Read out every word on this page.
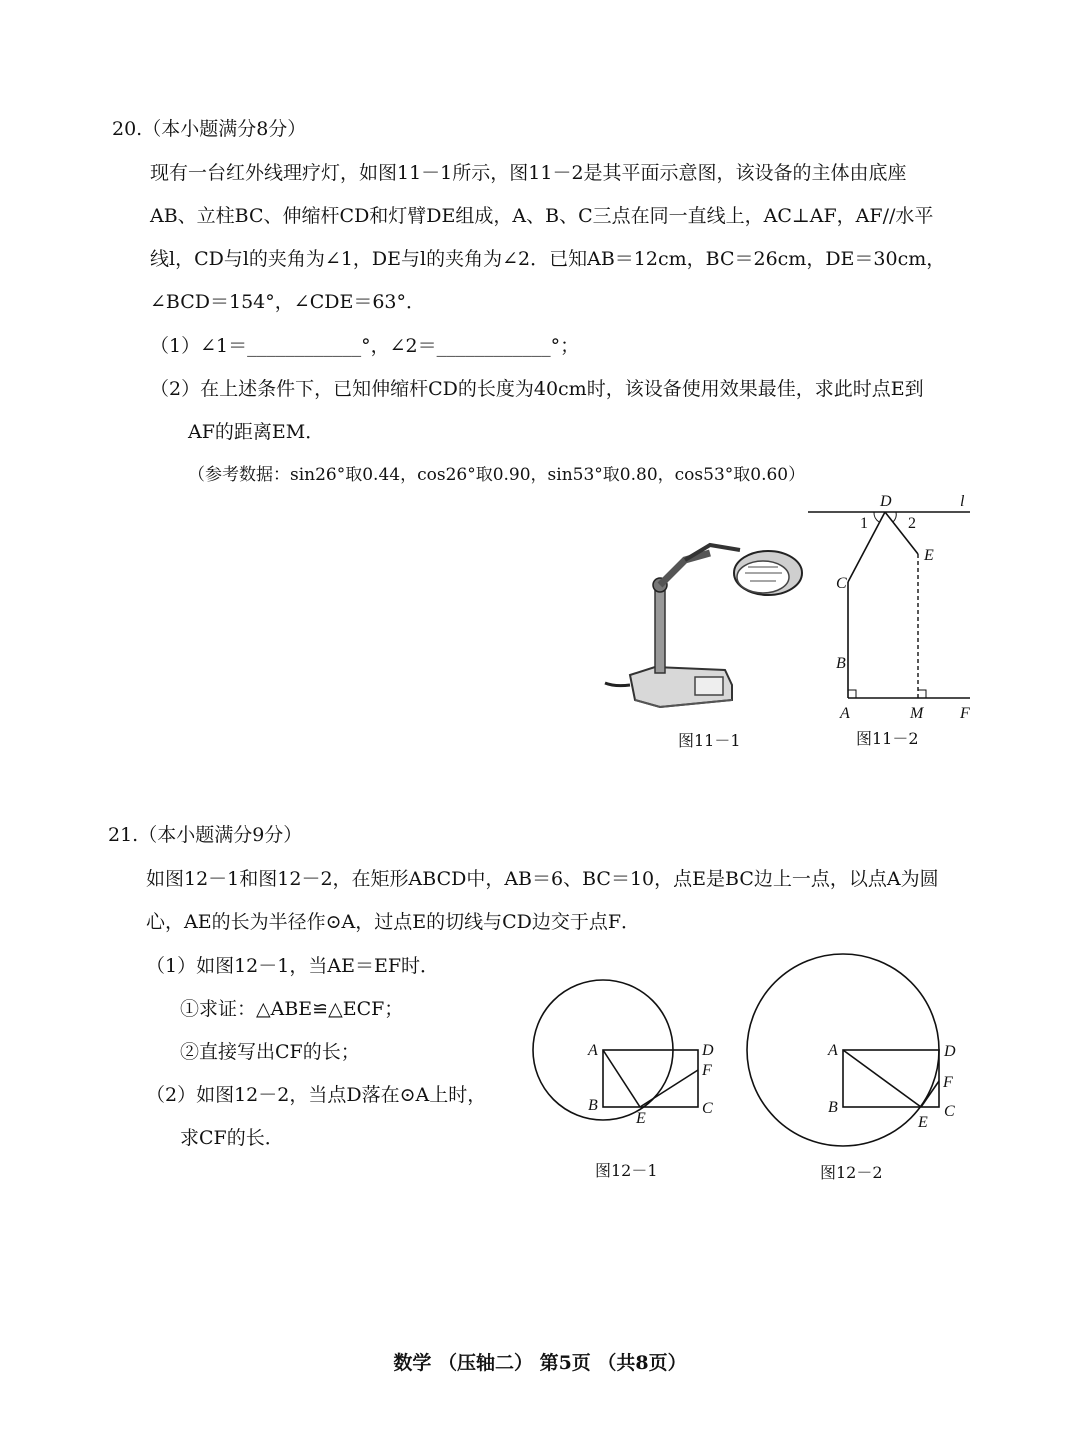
20.（本小题满分8分）
现有一台红外线理疗灯，如图11－1所示，图11－2是其平面示意图，该设备的主体由底座
AB、立柱BC、伸缩杆CD和灯臂DE组成，A、B、C三点在同一直线上，AC⊥AF，AF//水平
线l，CD与l的夹角为∠1，DE与l的夹角为∠2．已知AB＝12cm，BC＝26cm，DE＝30cm，
∠BCD＝154°，∠CDE＝63°．
（1）∠1＝____________°，∠2＝____________°；
（2）在上述条件下，已知伸缩杆CD的长度为40cm时，该设备使用效果最佳，求此时点E到
AF的距离EM．
（参考数据：sin26°取0.44，cos26°取0.90，sin53°取0.80，cos53°取0.60）
图11－1
D	l
1	2
E
C
B
A	M F
图11－2
21.（本小题满分9分）
如图12－1和图12－2，在矩形ABCD中，AB＝6、BC＝10，点E是BC边上一点，以点A为圆
心，AE的长为半径作⊙A，过点E的切线与CD边交于点F．
（1）如图12－1，当AE＝EF时．
①求证：△ABE≌△ECF；
②直接写出CF的长；
（2）如图12－2，当点D落在⊙A上时，
求CF的长．
A
B
D
F
C
E
图12－1
A
B
D
F
C
E
图12－2
数学 （压轴二） 第5页 （共8页）
